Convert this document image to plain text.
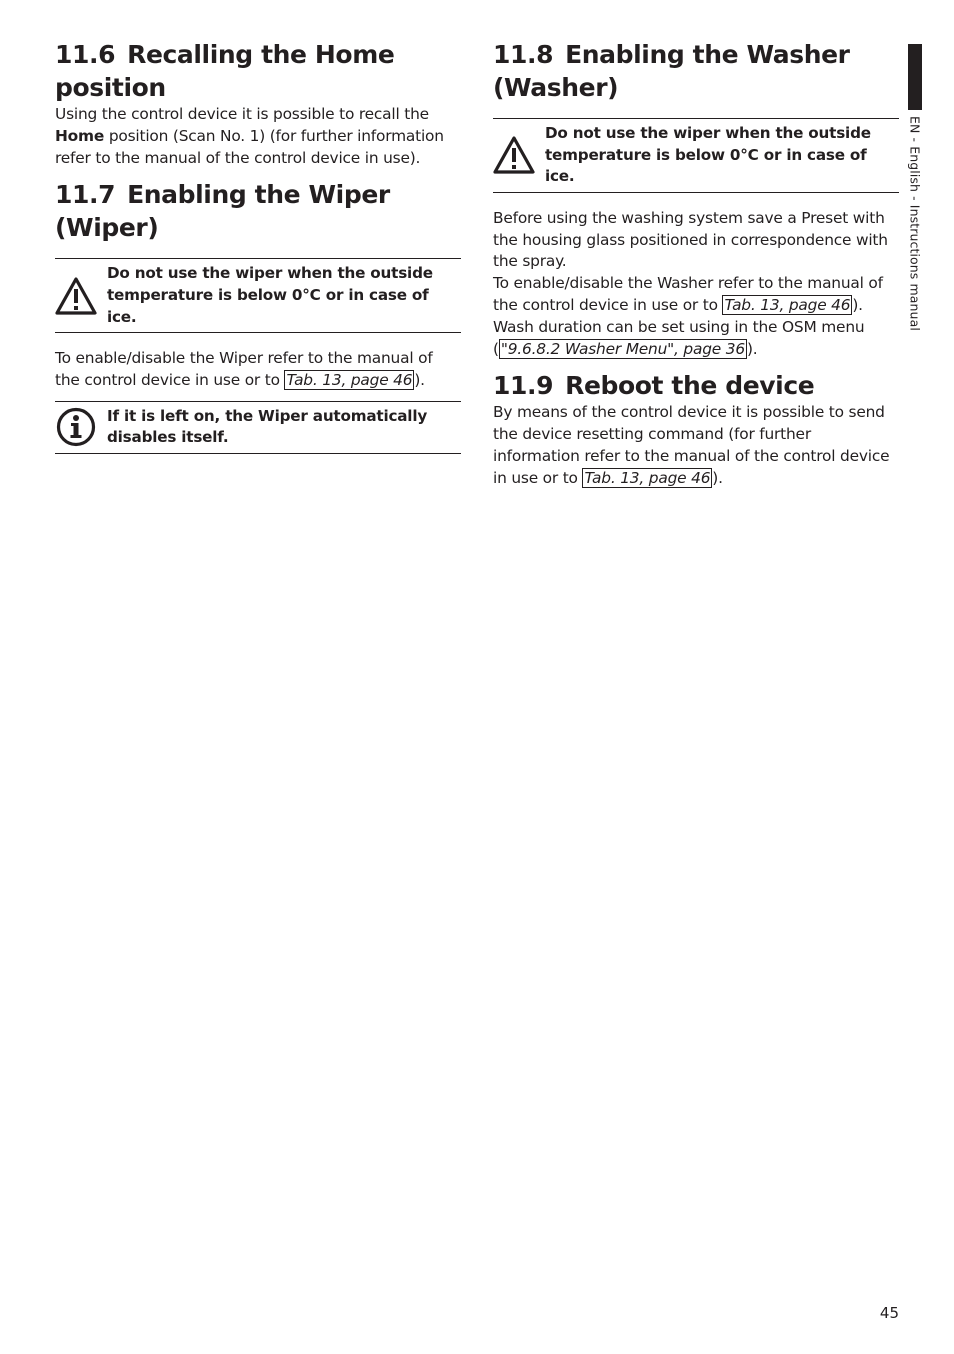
EN - English - Instructions manual
11.6 Recalling the Home position

Using the control device it is possible to recall the Home position (Scan No. 1) (for further information refer to the manual of the control device in use).

11.7 Enabling the Wiper (Wiper)
Do not use the wiper when the outside temperature is below 0°C or in case of ice.

To enable/disable the Wiper refer to the manual of the control device in use or to Tab. 13, page 46 ).

If it is left on, the Wiper automatically disables itself.
11.8 Enabling the Washer (Washer)
Do not use the wiper when the outside temperature is below 0°C or in case of ice.

Before using the washing system save a Preset with the housing glass positioned in correspondence with the spray.

To enable/disable the Washer refer to the manual of the control device in use or to Tab. 13, page 46 ).

Wash duration can be set using in the OSM menu ( "9.6.8.2 Washer Menu", page 36 ).

11.9 Reboot the device

By means of the control device it is possible to send the device resetting command (for further information refer to the manual of the control device in use or to Tab. 13, page 46 ).

45
